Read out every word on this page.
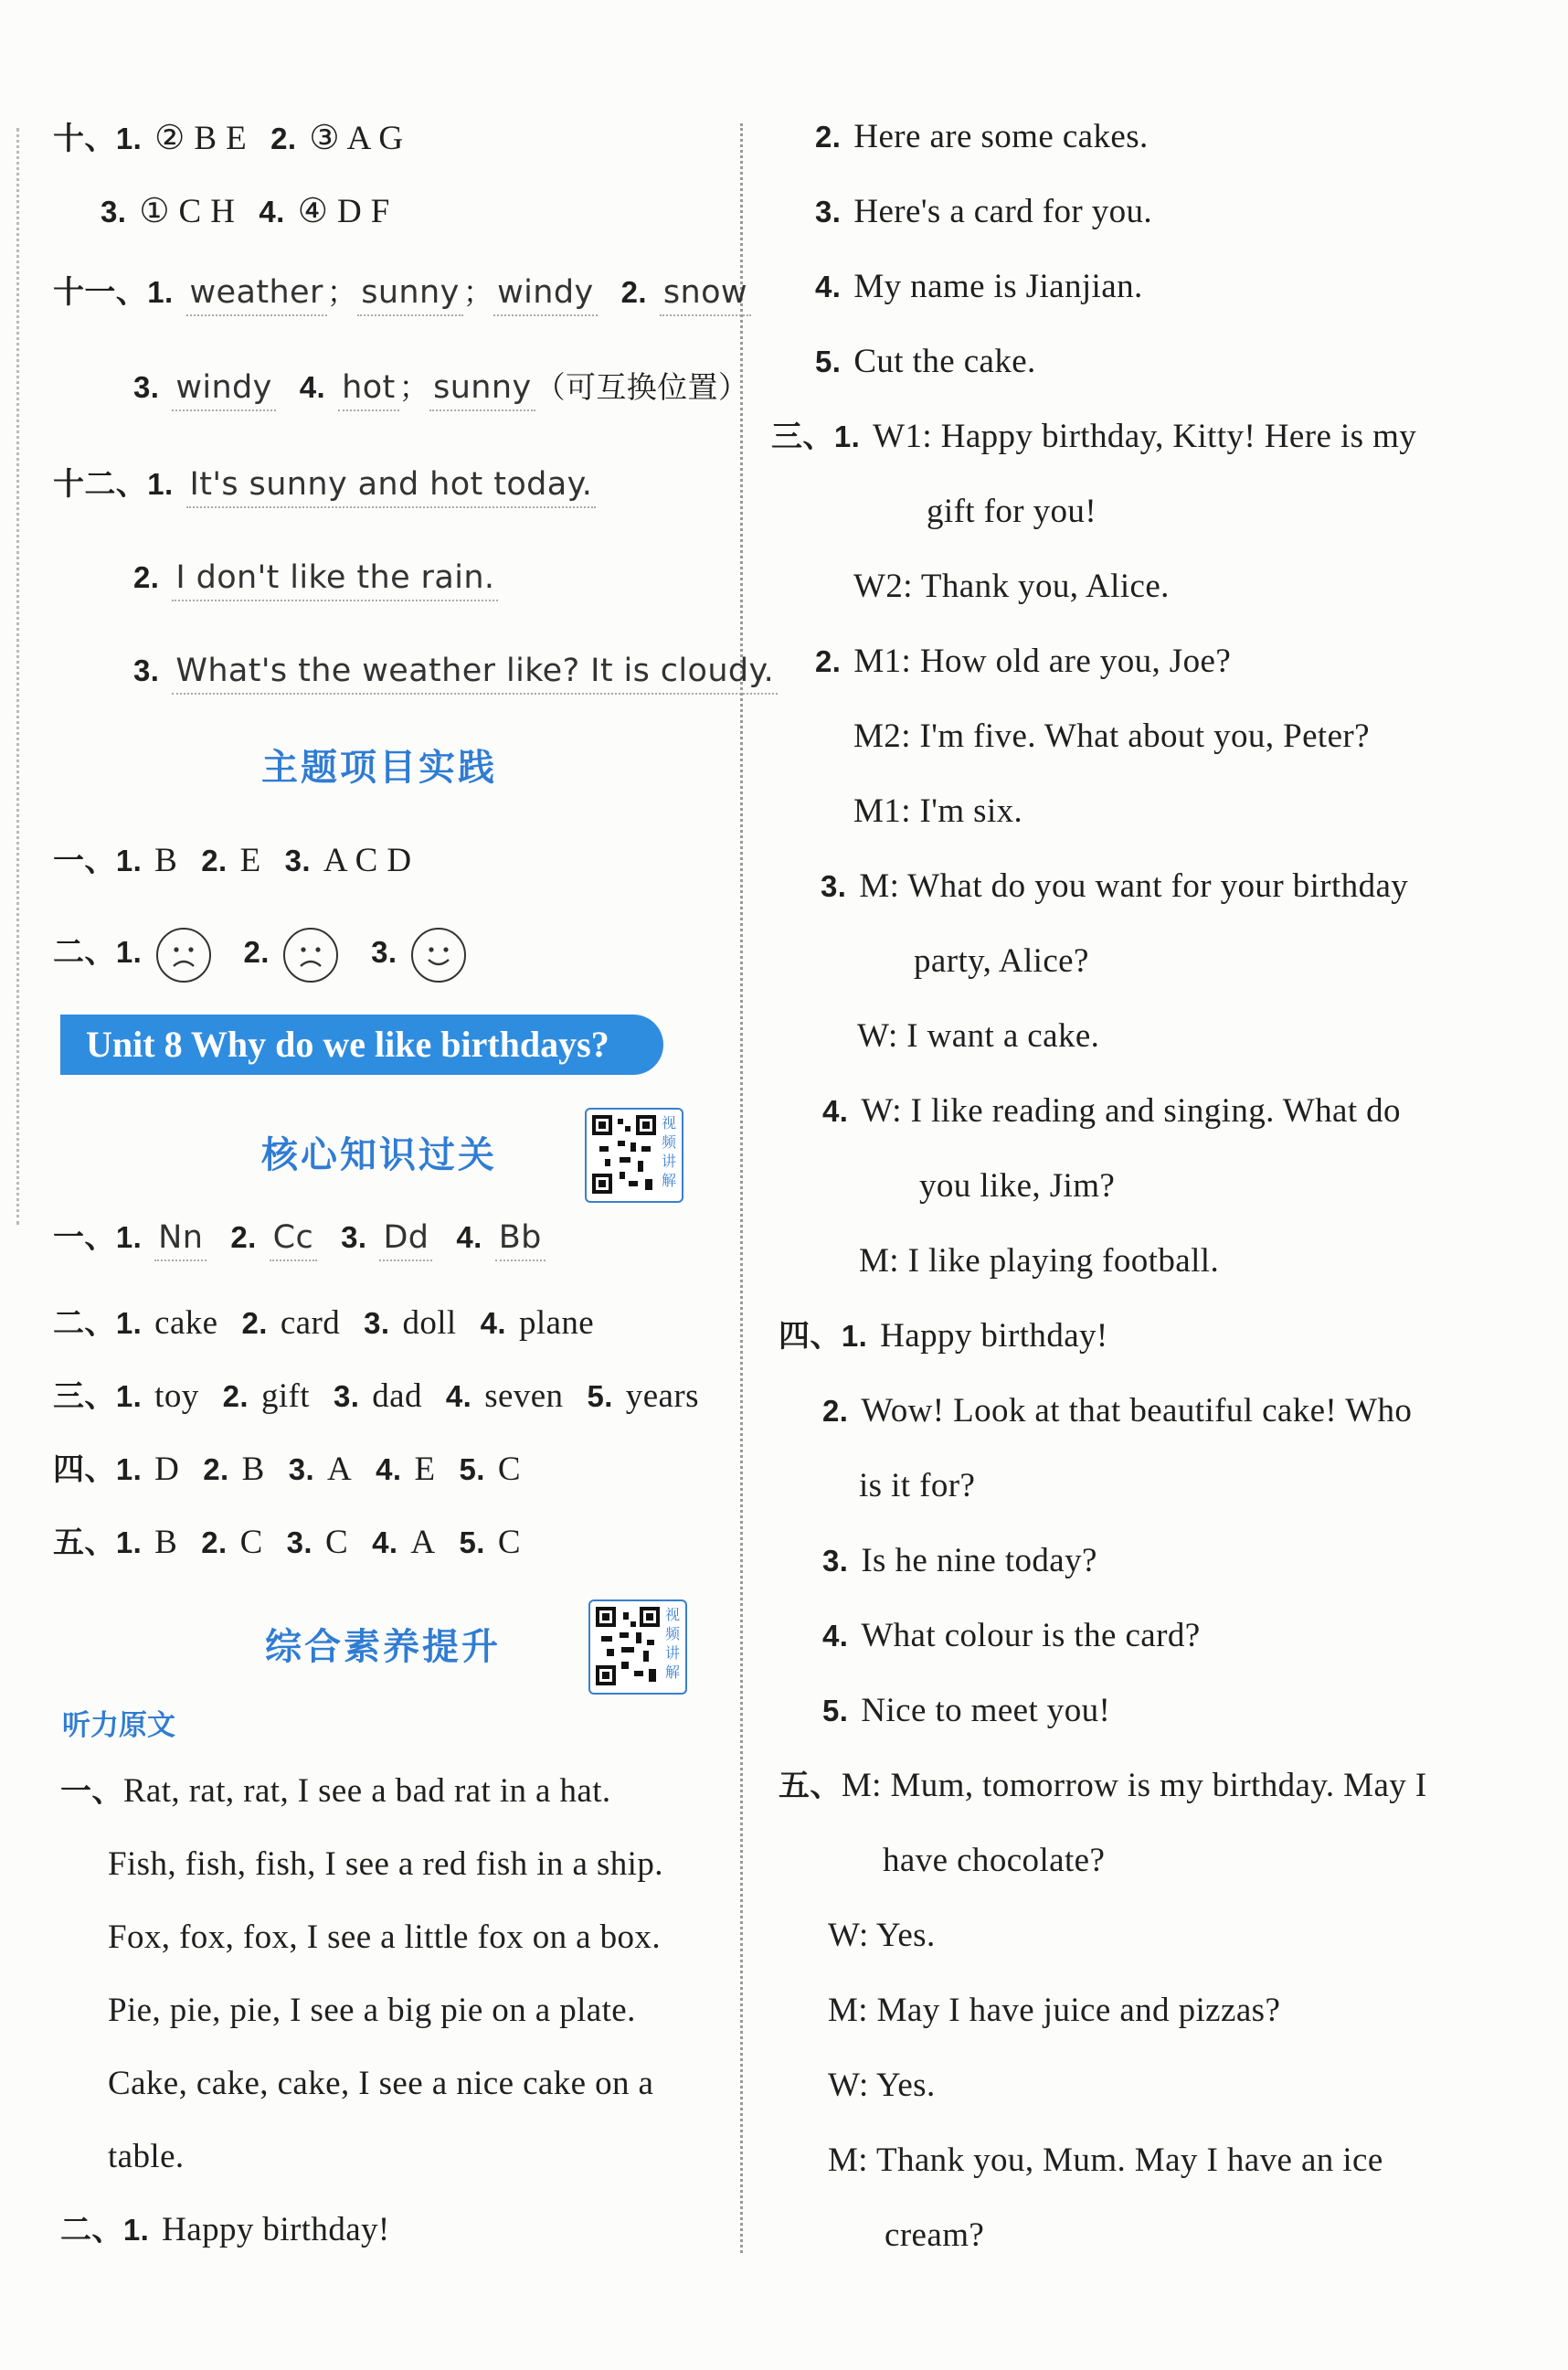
十、1. ② B E 2. ③ A G
3. ① C H 4. ④ D F
十一、1. weather ； sunny ； windy 2. snow
3. windy 4. hot ； sunny （可互换位置）
十二、1. It's sunny and hot today.
2. I don't like the rain.
3. What's the weather like? It is cloudy.
主题项目实践
一、1. B 2. E 3. A C D
二、1.	2.	3.
Unit 8 Why do we like birthdays?
核心知识过关
视
频
讲
解
一、1. Nn 2. Cc 3. Dd 4. Bb
二、1. cake 2. card 3. doll 4. plane
三、1. toy 2. gift 3. dad 4. seven 5. years
四、1. D 2. B 3. A 4. E 5. C
五、1. B 2. C 3. C 4. A 5. C
综合素养提升
视
频
讲
解
听力原文
一、Rat, rat, rat, I see a bad rat in a hat.
Fish, fish, fish, I see a red fish in a ship.
Fox, fox, fox, I see a little fox on a box.
Pie, pie, pie, I see a big pie on a plate.
Cake, cake, cake, I see a nice cake on a
table.
二、1. Happy birthday!
2. Here are some cakes.
3. Here's a card for you.
4. My name is Jianjian.
5. Cut the cake.
三、1. W1: Happy birthday, Kitty! Here is my
gift for you!
W2: Thank you, Alice.
2. M1: How old are you, Joe?
M2: I'm five. What about you, Peter?
M1: I'm six.
3. M: What do you want for your birthday
party, Alice?
W: I want a cake.
4. W: I like reading and singing. What do
you like, Jim?
M: I like playing football.
四、1. Happy birthday!
2. Wow! Look at that beautiful cake! Who
is it for?
3. Is he nine today?
4. What colour is the card?
5. Nice to meet you!
五、M: Mum, tomorrow is my birthday. May I
have chocolate?
W: Yes.
M: May I have juice and pizzas?
W: Yes.
M: Thank you, Mum. May I have an ice
cream?
